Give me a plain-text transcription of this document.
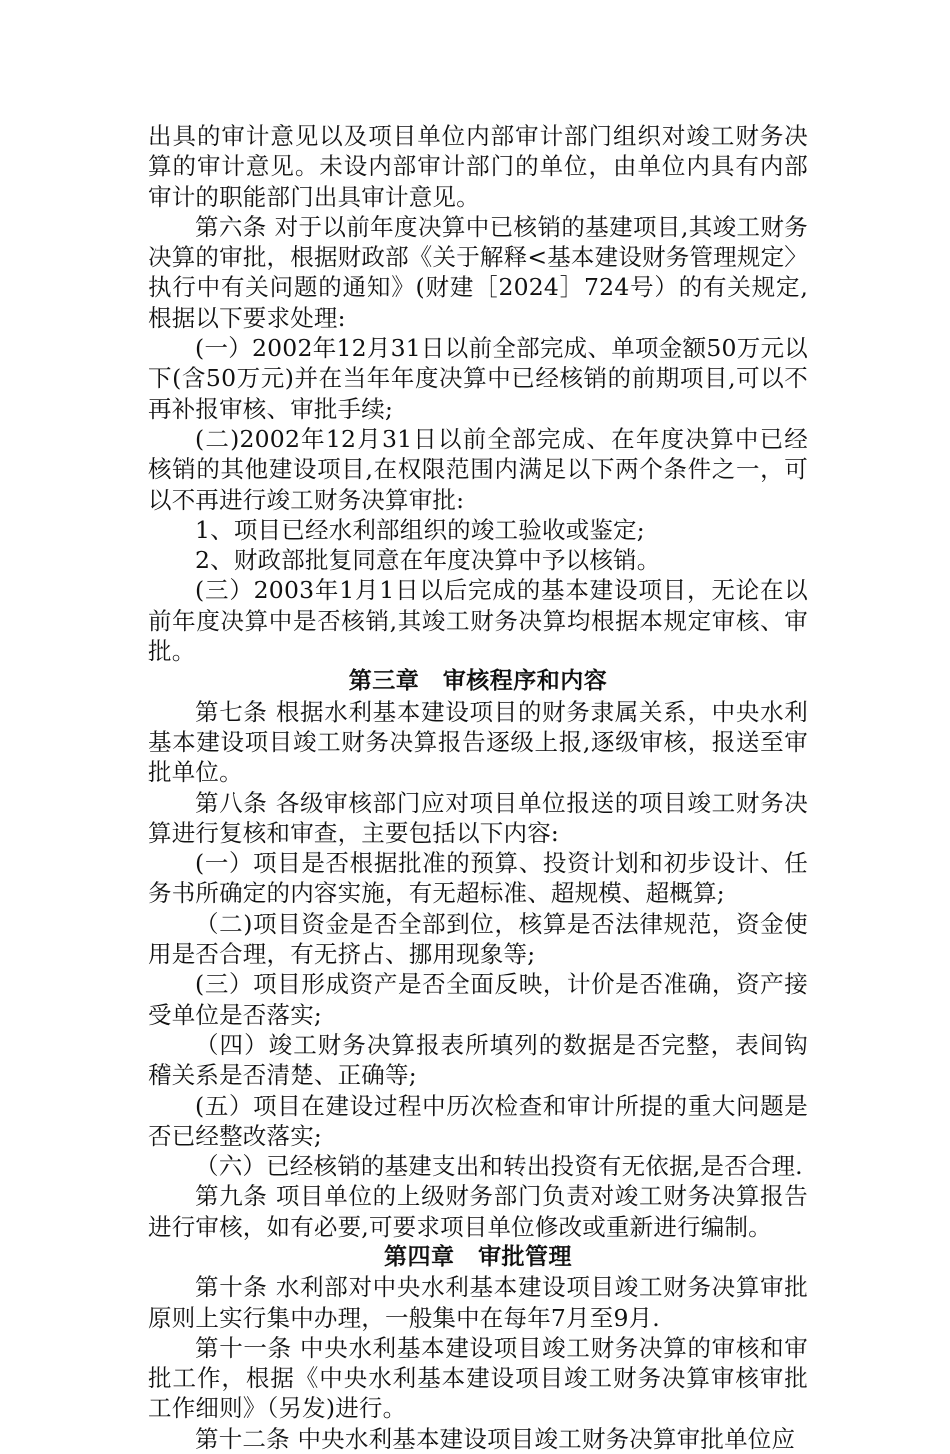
出具的审计意见以及项目单位内部审计部门组织对竣工财务决算的审计意见。未设内部审计部门的单位，由单位内具有内部审计的职能部门出具审计意见。

第六条 对于以前年度决算中已核销的基建项目,其竣工财务决算的审批，根据财政部《关于解释<基本建设财务管理规定〉执行中有关问题的通知》(财建［2024］724号）的有关规定,根据以下要求处理:

(一）2002年12月31日以前全部完成、单项金额50万元以下(含50万元)并在当年年度决算中已经核销的前期项目,可以不再补报审核、审批手续;

(二)2002年12月31日以前全部完成、在年度决算中已经核销的其他建设项目,在权限范围内满足以下两个条件之一，可以不再进行竣工财务决算审批:

1、项目已经水利部组织的竣工验收或鉴定;

2、财政部批复同意在年度决算中予以核销。

(三）2003年1月1日以后完成的基本建设项目，无论在以前年度决算中是否核销,其竣工财务决算均根据本规定审核、审批。

第三章　审核程序和内容

第七条 根据水利基本建设项目的财务隶属关系，中央水利基本建设项目竣工财务决算报告逐级上报,逐级审核，报送至审批单位。

第八条 各级审核部门应对项目单位报送的项目竣工财务决算进行复核和审查，主要包括以下内容:

(一）项目是否根据批准的预算、投资计划和初步设计、任务书所确定的内容实施，有无超标准、超规模、超概算;

（二)项目资金是否全部到位，核算是否法律规范，资金使用是否合理，有无挤占、挪用现象等;

(三）项目形成资产是否全面反映，计价是否准确，资产接受单位是否落实;

（四）竣工财务决算报表所填列的数据是否完整，表间钩稽关系是否清楚、正确等;

(五）项目在建设过程中历次检查和审计所提的重大问题是否已经整改落实;

（六）已经核销的基建支出和转出投资有无依据,是否合理.

第九条 项目单位的上级财务部门负责对竣工财务决算报告进行审核，如有必要,可要求项目单位修改或重新进行编制。

第四章　审批管理

第十条 水利部对中央水利基本建设项目竣工财务决算审批原则上实行集中办理，一般集中在每年7月至9月.

第十一条 中央水利基本建设项目竣工财务决算的审核和审批工作，根据《中央水利基本建设项目竣工财务决算审核审批工作细则》（另发)进行。

第十二条 中央水利基本建设项目竣工财务决算审批单位应
